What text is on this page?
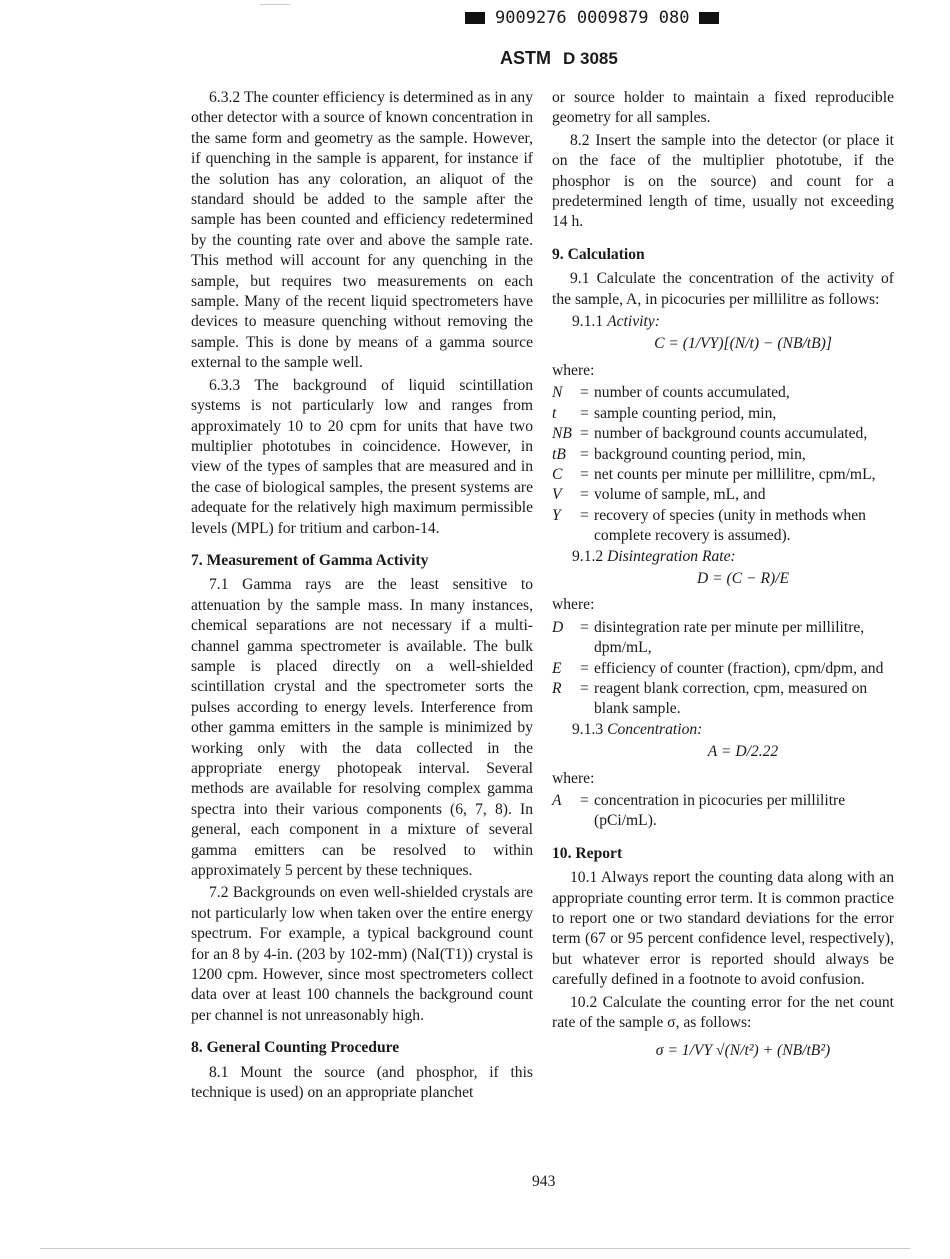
9009276 0009879 080
ASTM D 3085

6.3.2 The counter efficiency is determined as in any other detector with a source of known concentration in the same form and geometry as the sample. However, if quenching in the sample is apparent, for instance if the solution has any coloration, an aliquot of the standard should be added to the sample after the sample has been counted and efficiency redetermined by the counting rate over and above the sample rate. This method will account for any quenching in the sample, but requires two measurements on each sample. Many of the recent liquid spectrometers have devices to measure quenching without removing the sample. This is done by means of a gamma source external to the sample well.

6.3.3 The background of liquid scintillation systems is not particularly low and ranges from approximately 10 to 20 cpm for units that have two multiplier phototubes in coincidence. However, in view of the types of samples that are measured and in the case of biological samples, the present systems are adequate for the relatively high maximum permissible levels (MPL) for tritium and carbon-14.

7. Measurement of Gamma Activity

7.1 Gamma rays are the least sensitive to attenuation by the sample mass. In many instances, chemical separations are not necessary if a multi-channel gamma spectrometer is available. The bulk sample is placed directly on a well-shielded scintillation crystal and the spectrometer sorts the pulses according to energy levels. Interference from other gamma emitters in the sample is minimized by working only with the data collected in the appropriate energy photopeak interval. Several methods are available for resolving complex gamma spectra into their various components (6, 7, 8). In general, each component in a mixture of several gamma emitters can be resolved to within approximately 5 percent by these techniques.

7.2 Backgrounds on even well-shielded crystals are not particularly low when taken over the entire energy spectrum. For example, a typical background count for an 8 by 4-in. (203 by 102-mm) (NaI(T1)) crystal is 1200 cpm. However, since most spectrometers collect data over at least 100 channels the background count per channel is not unreasonably high.

8. General Counting Procedure

8.1 Mount the source (and phosphor, if this technique is used) on an appropriate planchet

or source holder to maintain a fixed reproducible geometry for all samples.

8.2 Insert the sample into the detector (or place it on the face of the multiplier phototube, if the phosphor is on the source) and count for a predetermined length of time, usually not exceeding 14 h.

9. Calculation

9.1 Calculate the concentration of the activity of the sample, A, in picocuries per millilitre as follows:

9.1.1 Activity:

C = (1/VY)[(N/t) − (NB/tB)]

where:

N	= number of counts accumulated,
t	= sample counting period, min,
NB = number of background counts accumulated,
tB = background counting period, min,
C	= net counts per minute per millilitre, cpm/mL,
V	= volume of sample, mL, and
Y	= recovery of species (unity in methods when complete recovery is assumed).

9.1.2 Disintegration Rate:

D = (C − R)/E

where:

D	= disintegration rate per minute per millilitre, dpm/mL,
E	= efficiency of counter (fraction), cpm/dpm, and
R	= reagent blank correction, cpm, measured on blank sample.

9.1.3 Concentration:

A = D/2.22

where:

A	= concentration in picocuries per millilitre (pCi/mL).
10. Report

10.1 Always report the counting data along with an appropriate counting error term. It is common practice to report one or two standard deviations for the error term (67 or 95 percent confidence level, respectively), but whatever error is reported should always be carefully defined in a footnote to avoid confusion.

10.2 Calculate the counting error for the net count rate of the sample σ, as follows:

σ = 1/VY √(N/t²) + (NB/tB²)
943
